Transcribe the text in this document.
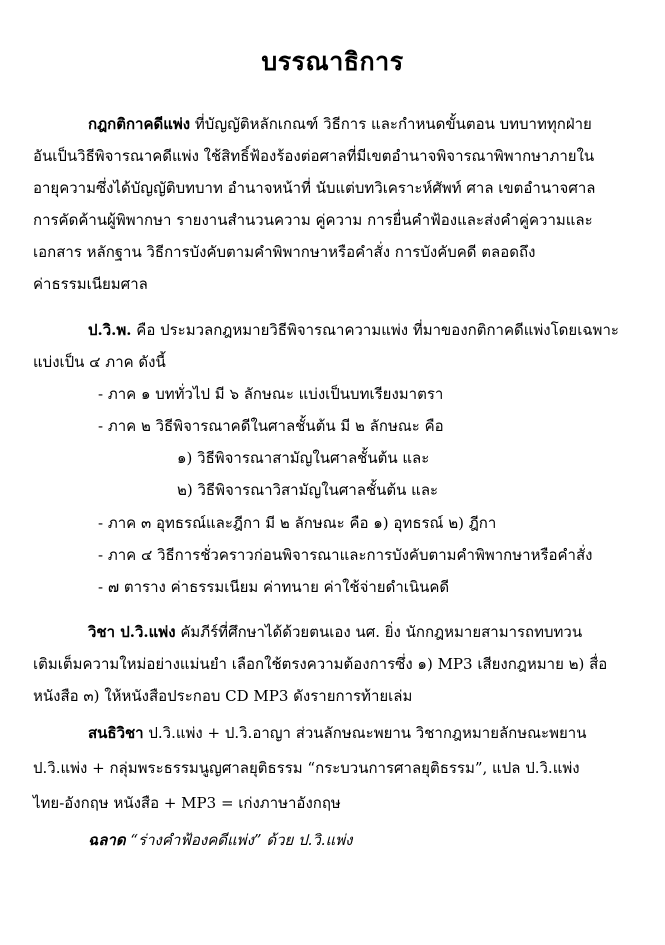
บรรณาธิการ
กฎกติกาคดีแพ่ง ที่บัญญัติหลักเกณฑ์ วิธีการ และกำหนดขั้นตอน บทบาททุกฝ่าย
อันเป็นวิธีพิจารณาคดีแพ่ง ใช้สิทธิ์ฟ้องร้องต่อศาลที่มีเขตอำนาจพิจารณาพิพากษาภายใน
อายุความซึ่งได้บัญญัติบทบาท อำนาจหน้าที่ นับแต่บทวิเคราะห์ศัพท์ ศาล เขตอำนาจศาล
การคัดค้านผู้พิพากษา รายงานสำนวนความ คู่ความ การยื่นคำฟ้องและส่งคำคู่ความและ
เอกสาร หลักฐาน วิธีการบังคับตามคำพิพากษาหรือคำสั่ง การบังคับคดี ตลอดถึง
ค่าธรรมเนียมศาล
ป.วิ.พ. คือ ประมวลกฎหมายวิธีพิจารณาความแพ่ง ที่มาของกติกาคดีแพ่งโดยเฉพาะ
แบ่งเป็น ๔ ภาค ดังนี้
- ภาค ๑ บททั่วไป มี ๖ ลักษณะ แบ่งเป็นบทเรียงมาตรา
- ภาค ๒ วิธีพิจารณาคดีในศาลชั้นต้น มี ๒ ลักษณะ คือ
๑) วิธีพิจารณาสามัญในศาลชั้นต้น และ
๒) วิธีพิจารณาวิสามัญในศาลชั้นต้น และ
- ภาค ๓ อุทธรณ์และฎีกา มี ๒ ลักษณะ คือ ๑) อุทธรณ์ ๒) ฎีกา
- ภาค ๔ วิธีการชั่วคราวก่อนพิจารณาและการบังคับตามคำพิพากษาหรือคำสั่ง
- ๗ ตาราง ค่าธรรมเนียม ค่าทนาย ค่าใช้จ่ายดำเนินคดี
วิชา ป.วิ.แพ่ง คัมภีร์ที่ศึกษาได้ด้วยตนเอง นศ. ยิ่ง นักกฎหมายสามารถทบทวน
เติมเต็มความใหม่อย่างแม่นยำ เลือกใช้ตรงความต้องการซึ่ง ๑) MP3 เสียงกฎหมาย ๒) สื่อ
หนังสือ ๓) ให้หนังสือประกอบ CD MP3 ดังรายการท้ายเล่ม
สนธิวิชา ป.วิ.แพ่ง + ป.วิ.อาญา ส่วนลักษณะพยาน วิชากฎหมายลักษณะพยาน
ป.วิ.แพ่ง + กลุ่มพระธรรมนูญศาลยุติธรรม “กระบวนการศาลยุติธรรม”, แปล ป.วิ.แพ่ง
ไทย-อังกฤษ หนังสือ + MP3 = เก่งภาษาอังกฤษ
ฉลาด “ร่างคำฟ้องคดีแพ่ง” ด้วย ป.วิ.แพ่ง
